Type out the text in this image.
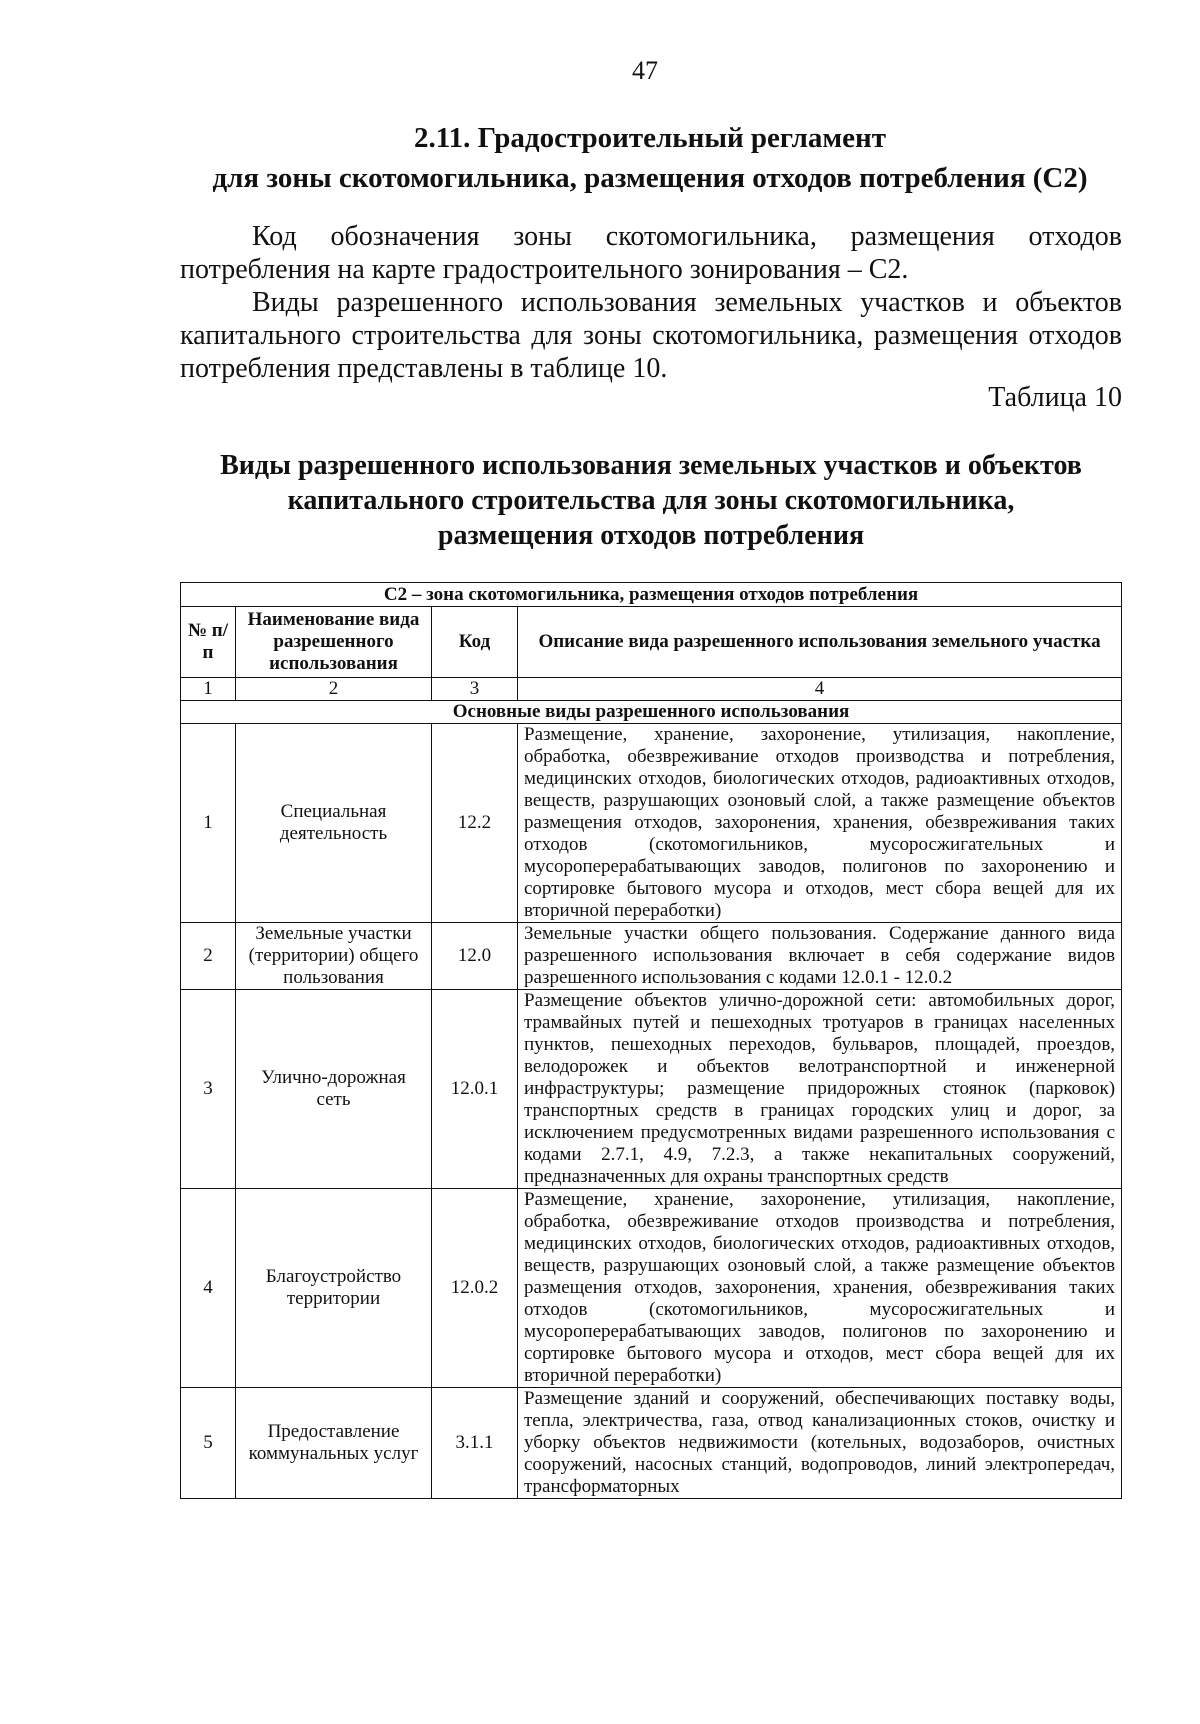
47
2.11. Градостроительный регламент
для зоны скотомогильника, размещения отходов потребления (С2)
Код обозначения зоны скотомогильника, размещения отходов потребления на карте градостроительного зонирования – С2.
Виды разрешенного использования земельных участков и объектов капитального строительства для зоны скотомогильника, размещения отходов потребления представлены в таблице 10.
Таблица 10
Виды разрешенного использования земельных участков и объектов
капитального строительства для зоны скотомогильника,
размещения отходов потребления
С2 – зона скотомогильника, размещения отходов потребления			
№ п/п	Наименование вида разрешенного использования	Код	Описание вида разрешенного использования земельного участка
1	2	3	4
Основные виды разрешенного использования			
1	Специальная деятельность	12.2	Размещение, хранение, захоронение, утилизация, накопление, обработка, обезвреживание отходов производства и потребления, медицинских отходов, биологических отходов, радиоактивных отходов, веществ, разрушающих озоновый слой, а также размещение объектов размещения отходов, захоронения, хранения, обезвреживания таких отходов (скотомогильников, мусоросжигательных и мусороперерабатывающих заводов, полигонов по захоронению и сортировке бытового мусора и отходов, мест сбора вещей для их вторичной переработки)
2	Земельные участки (территории) общего пользования	12.0	Земельные участки общего пользования. Содержание данного вида разрешенного использования включает в себя содержание видов разрешенного использования с кодами 12.0.1 - 12.0.2
3	Улично-дорожная сеть	12.0.1	Размещение объектов улично-дорожной сети: автомобильных дорог, трамвайных путей и пешеходных тротуаров в границах населенных пунктов, пешеходных переходов, бульваров, площадей, проездов, велодорожек и объектов велотранспортной и инженерной инфраструктуры; размещение придорожных стоянок (парковок) транспортных средств в границах городских улиц и дорог, за исключением предусмотренных видами разрешенного использования с кодами 2.7.1, 4.9, 7.2.3, а также некапитальных сооружений, предназначенных для охраны транспортных средств
4	Благоустройство территории	12.0.2	Размещение, хранение, захоронение, утилизация, накопление, обработка, обезвреживание отходов производства и потребления, медицинских отходов, биологических отходов, радиоактивных отходов, веществ, разрушающих озоновый слой, а также размещение объектов размещения отходов, захоронения, хранения, обезвреживания таких отходов (скотомогильников, мусоросжигательных и мусороперерабатывающих заводов, полигонов по захоронению и сортировке бытового мусора и отходов, мест сбора вещей для их вторичной переработки)
5	Предоставление коммунальных услуг	3.1.1	Размещение зданий и сооружений, обеспечивающих поставку воды, тепла, электричества, газа, отвод канализационных стоков, очистку и уборку объектов недвижимости (котельных, водозаборов, очистных сооружений, насосных станций, водопроводов, линий электропередач, трансформаторных
